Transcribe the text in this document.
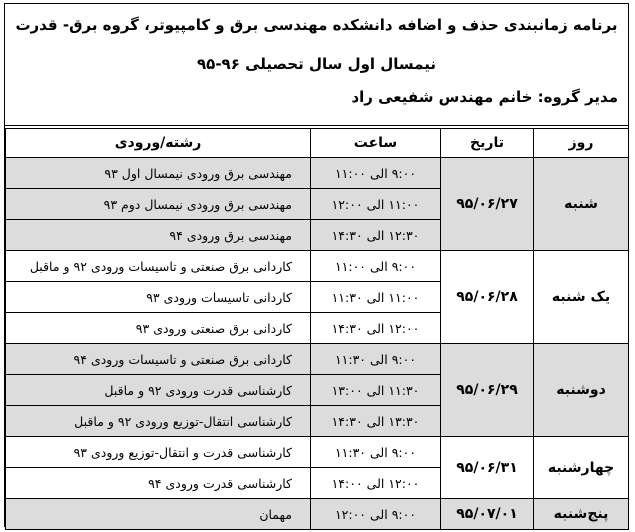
برنامه زمانبندی حذف و اضافه دانشکده مهندسی برق و کامپیوتر، گروه برق- قدرت
نیمسال اول سال تحصیلی ۹۶-۹۵
مدیر گروه: خانم مهندس شفیعی راد
روز	تاریخ	ساعت	رشته/ورودی
شنبه	۹۵/۰۶/۲۷	۹:۰۰ الی ۱۱:۰۰	مهندسی برق ورودی نیمسال اول ۹۳
		۱۱:۰۰ الی ۱۲:۰۰	مهندسی برق ورودی نیمسال دوم ۹۳
		۱۲:۳۰ الی ۱۴:۳۰	مهندسی برق ورودی ۹۴
یک شنبه	۹۵/۰۶/۲۸	۹:۰۰ الی ۱۱:۰۰	کاردانی برق صنعتی و تاسیسات ورودی ۹۲ و ماقبل
		۱۱:۰۰ الی ۱۱:۳۰	کاردانی تاسیسات ورودی ۹۳
		۱۲:۰۰ الی ۱۴:۳۰	کاردانی برق صنعتی ورودی ۹۳
دوشنبه	۹۵/۰۶/۲۹	۹:۰۰ الی ۱۱:۳۰	کاردانی برق صنعتی و تاسیسات ورودی ۹۴
		۱۱:۳۰ الی ۱۳:۰۰	کارشناسی قدرت ورودی ۹۲ و ماقبل
		۱۳:۳۰ الی ۱۴:۳۰	کارشناسی انتقال-توزیع ورودی ۹۲ و ماقبل
چهارشنبه	۹۵/۰۶/۳۱	۹:۰۰ الی ۱۱:۳۰	کارشناسی قدرت و انتقال-توزیع ورودی ۹۳
		۱۲:۰۰ الی ۱۴:۰۰	کارشناسی قدرت ورودی ۹۴
پنج‌شنبه	۹۵/۰۷/۰۱	۹:۰۰ الی ۱۲:۰۰	مهمان
